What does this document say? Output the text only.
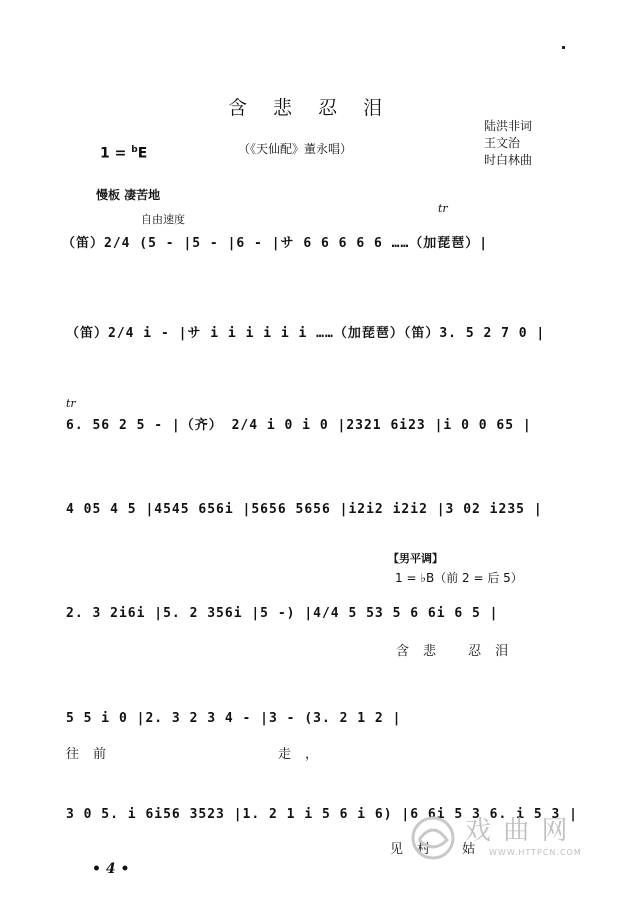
含 悲 忍 泪
陆洪非词
王文治
时白林曲
1 = $^b$E	（《天仙配》董永唱）
慢板 凄苦地
自由速度
tr
（笛）2/4 (5 - |5 - |6 - |サ 6 6 6 6 6 ……（加琵琶）|
（笛）2/4 i - |サ i i i i i i ……（加琵琶）（笛）3. 5 2 7 0 |
tr
6. 56 2 5 - |（齐） 2/4 i 0 i 0 |2321 6i23 |i 0 0 65 |
4 05 4 5 |4545 656i |5656 5656 |i2i2 i2i2 |3 02 i235 |
【男平调】
1 = ♭B（前 2 = 后 5）
2. 3 2i6i |5. 2 356i |5 -) |4/4 5 53 5 6 6i 6 5 |
含悲 忍泪
5 5 i 0 |2. 3 2 3 4 - |3 - (3. 2 1 2 |
往前	走，
3 0 5. i 6i56 3523 |1. 2 1 i 5 6 i 6) |6 6i 5 3 6. i 5 3 |
见村 姑
• 4 •
戏 曲 网
WWW.HTTPCN.COM
